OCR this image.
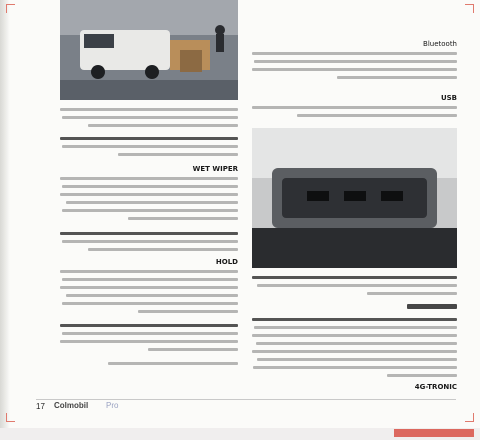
WET WIPER
HOLD
Bluetooth
USB
4G-TRONIC
17 Colmobil Pro
